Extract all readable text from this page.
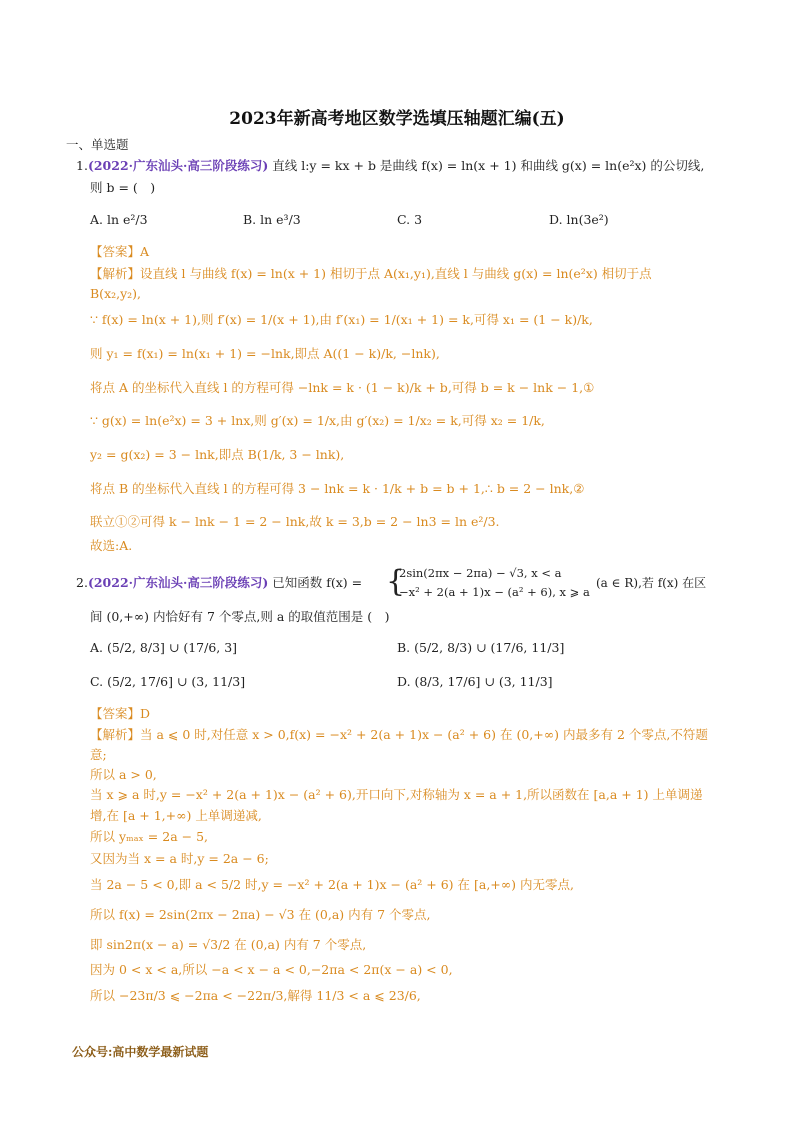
2023年新高考地区数学选填压轴题汇编(五)
一、单选题
1.(2022·广东汕头·高三阶段练习) 直线 l:y = kx + b 是曲线 f(x) = ln(x + 1) 和曲线 g(x) = ln(e²x) 的公切线,
则 b = (　)
A. ln e²/3	B. ln e³/3	C. 3	D. ln(3e²)
【答案】A
【解析】设直线 l 与曲线 f(x) = ln(x + 1) 相切于点 A(x₁,y₁),直线 l 与曲线 g(x) = ln(e²x) 相切于点
B(x₂,y₂),
∵ f(x) = ln(x + 1),则 f′(x) = 1/(x + 1),由 f′(x₁) = 1/(x₁ + 1) = k,可得 x₁ = (1 − k)/k,
则 y₁ = f(x₁) = ln(x₁ + 1) = −lnk,即点 A((1 − k)/k, −lnk),
将点 A 的坐标代入直线 l 的方程可得 −lnk = k · (1 − k)/k + b,可得 b = k − lnk − 1,①
∵ g(x) = ln(e²x) = 3 + lnx,则 g′(x) = 1/x,由 g′(x₂) = 1/x₂ = k,可得 x₂ = 1/k,
y₂ = g(x₂) = 3 − lnk,即点 B(1/k, 3 − lnk),
将点 B 的坐标代入直线 l 的方程可得 3 − lnk = k · 1/k + b = b + 1,∴ b = 2 − lnk,②
联立①②可得 k − lnk − 1 = 2 − lnk,故 k = 3,b = 2 − ln3 = ln e²/3.
故选:A.
2.(2022·广东汕头·高三阶段练习) 已知函数 f(x) = {
2sin(2πx − 2πa) − √3, x < a
−x² + 2(a + 1)x − (a² + 6), x ⩾ a
(a ∈ R),若 f(x) 在区
间 (0,+∞) 内恰好有 7 个零点,则 a 的取值范围是 (　)
A. (5/2, 8/3] ∪ (17/6, 3]	B. (5/2, 8/3) ∪ (17/6, 11/3]
C. (5/2, 17/6] ∪ (3, 11/3]	D. (8/3, 17/6] ∪ (3, 11/3]
【答案】D
【解析】当 a ⩽ 0 时,对任意 x > 0,f(x) = −x² + 2(a + 1)x − (a² + 6) 在 (0,+∞) 内最多有 2 个零点,不符题
意;
所以 a > 0,
当 x ⩾ a 时,y = −x² + 2(a + 1)x − (a² + 6),开口向下,对称轴为 x = a + 1,所以函数在 [a,a + 1) 上单调递
增,在 [a + 1,+∞) 上单调递减,
所以 yₘₐₓ = 2a − 5,
又因为当 x = a 时,y = 2a − 6;
当 2a − 5 < 0,即 a < 5/2 时,y = −x² + 2(a + 1)x − (a² + 6) 在 [a,+∞) 内无零点,
所以 f(x) = 2sin(2πx − 2πa) − √3 在 (0,a) 内有 7 个零点,
即 sin2π(x − a) = √3/2 在 (0,a) 内有 7 个零点,
因为 0 < x < a,所以 −a < x − a < 0,−2πa < 2π(x − a) < 0,
所以 −23π/3 ⩽ −2πa < −22π/3,解得 11/3 < a ⩽ 23/6,
公众号:高中数学最新试题
